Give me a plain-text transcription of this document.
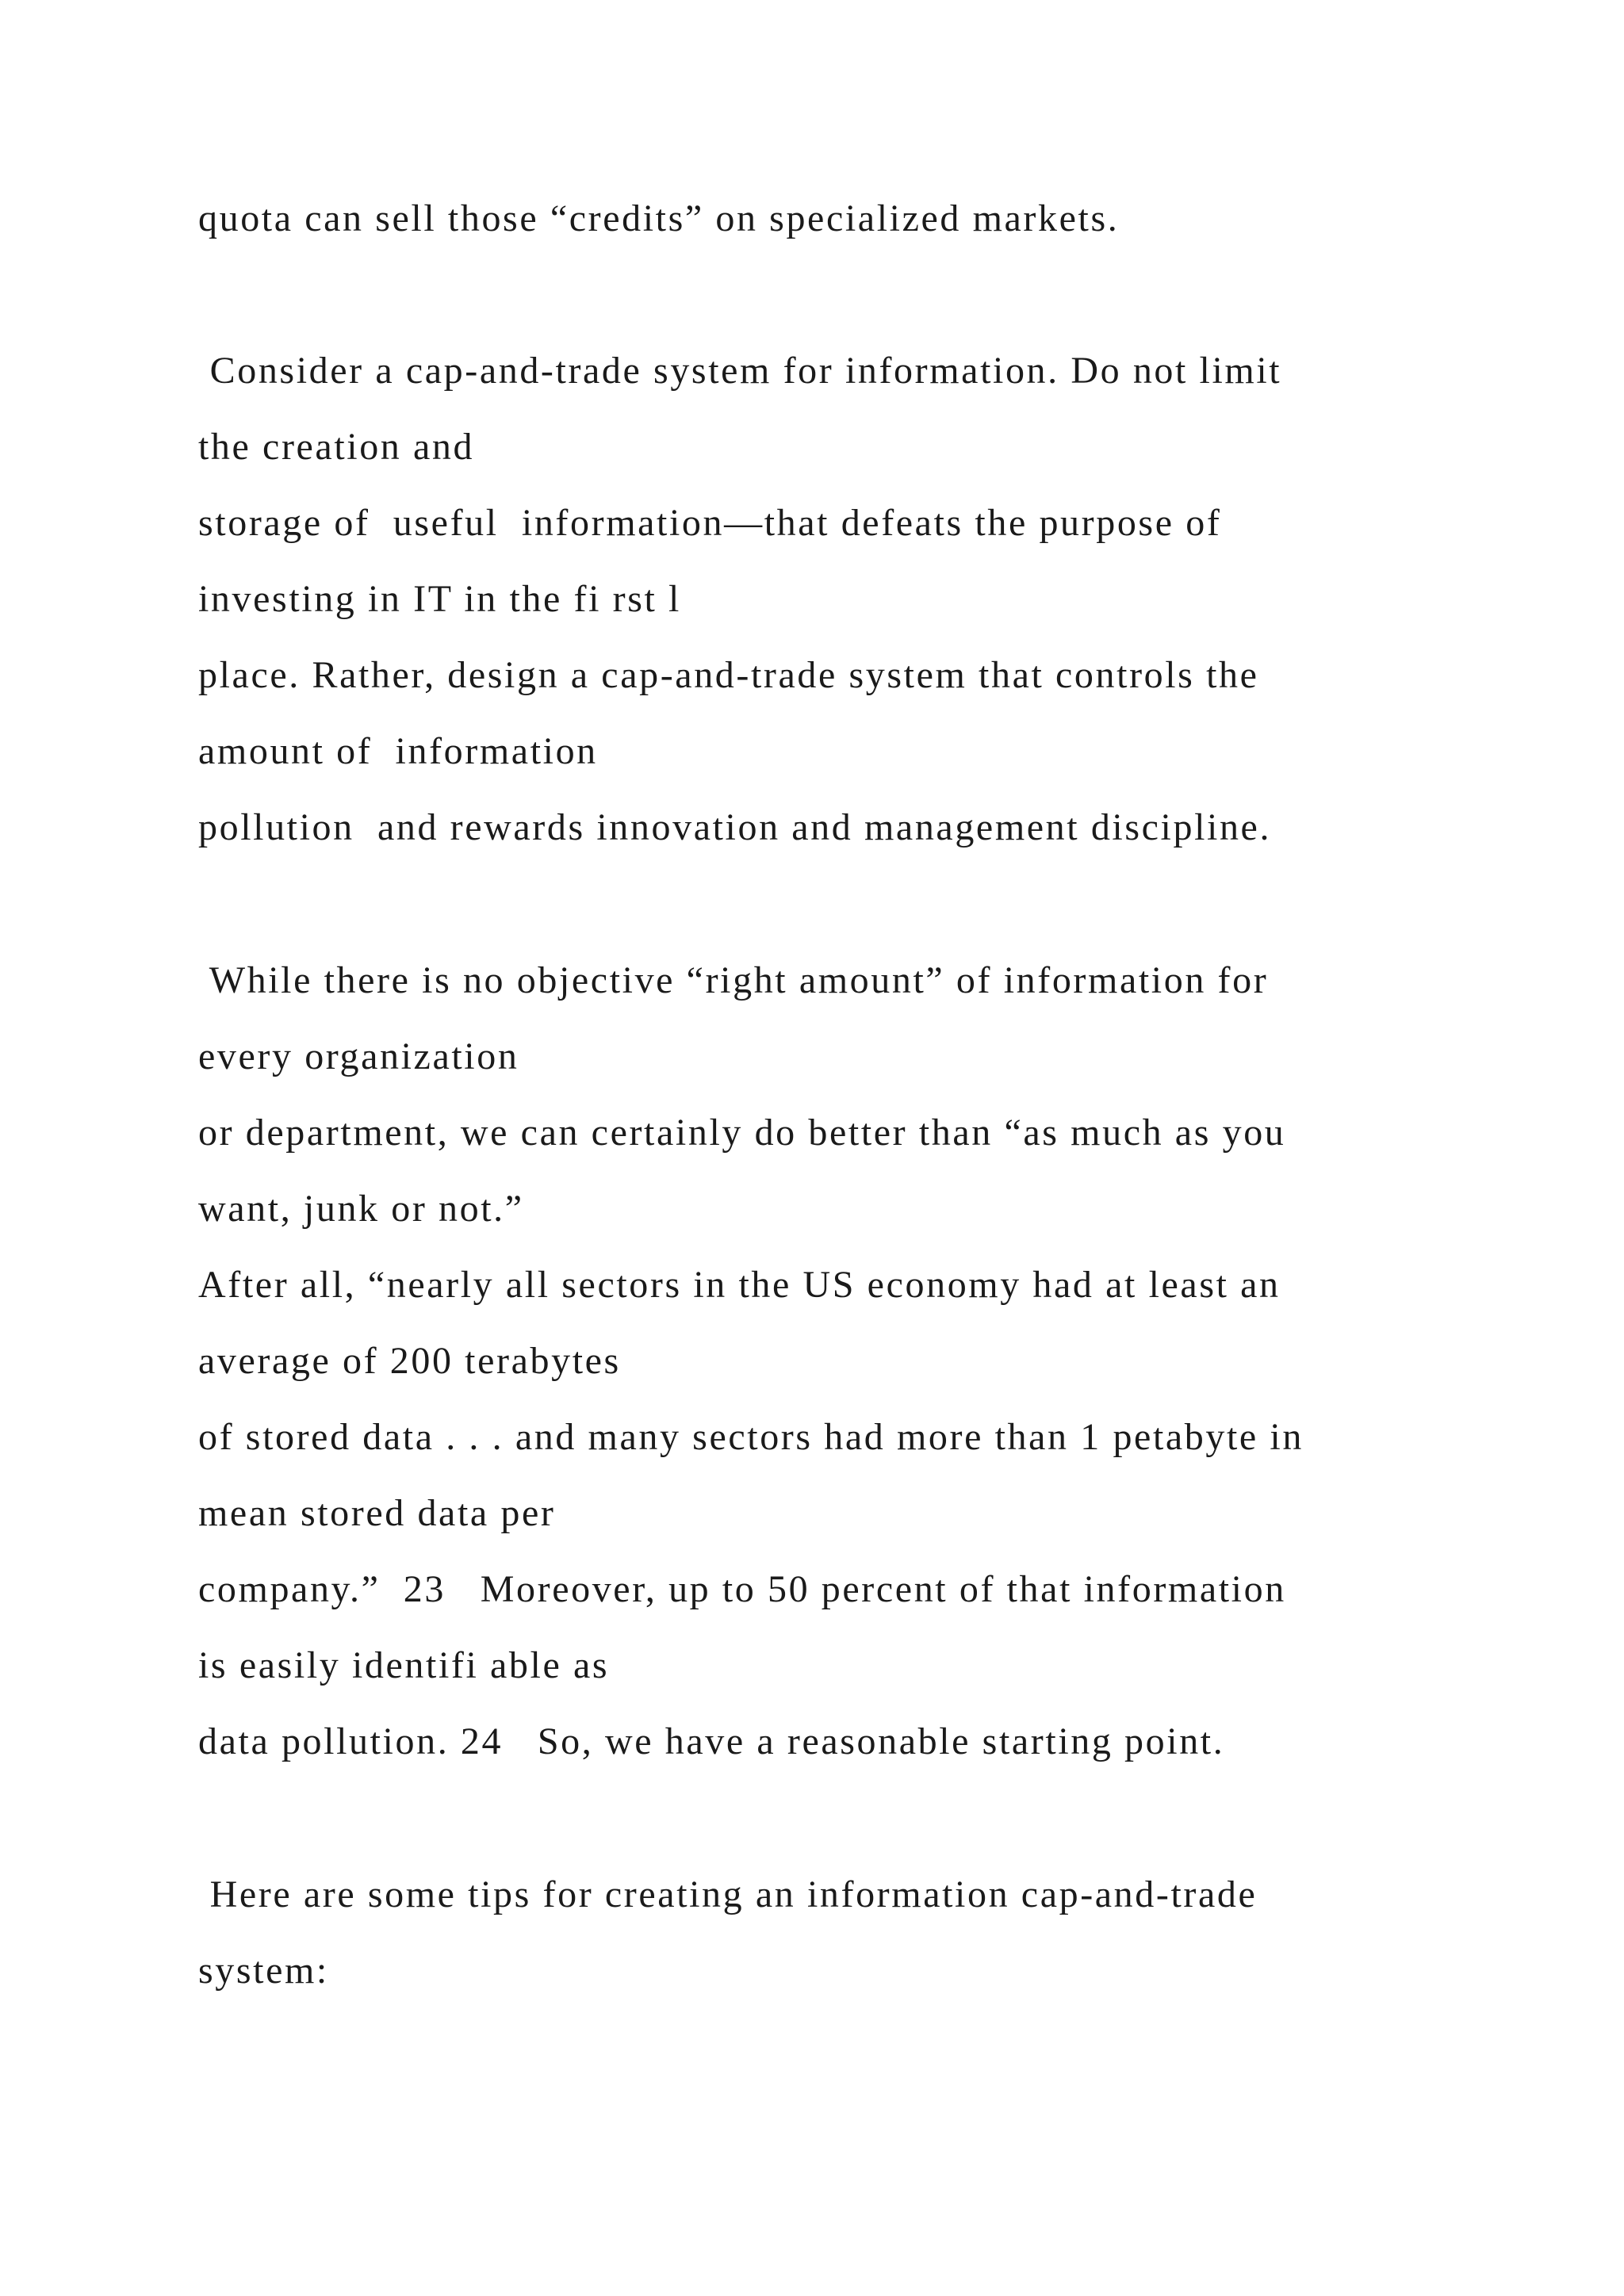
quota can sell those “credits” on specialized markets.

Consider a cap-and-trade system for information. Do not limit

the creation and

storage of  useful  information—that defeats the purpose of

investing in IT in the fi rst l

place. Rather, design a cap-and-trade system that controls the

amount of  information

pollution  and rewards innovation and management discipline.

While there is no objective “right amount” of information for

every organization

or department, we can certainly do better than “as much as you

want, junk or not.”

After all, “nearly all sectors in the US economy had at least an

average of 200 terabytes

of stored data . . . and many sectors had more than 1 petabyte in

mean stored data per

company.”  23   Moreover, up to 50 percent of that information

is easily identifi able as

data pollution. 24   So, we have a reasonable starting point.

Here are some tips for creating an information cap-and-trade

system:
